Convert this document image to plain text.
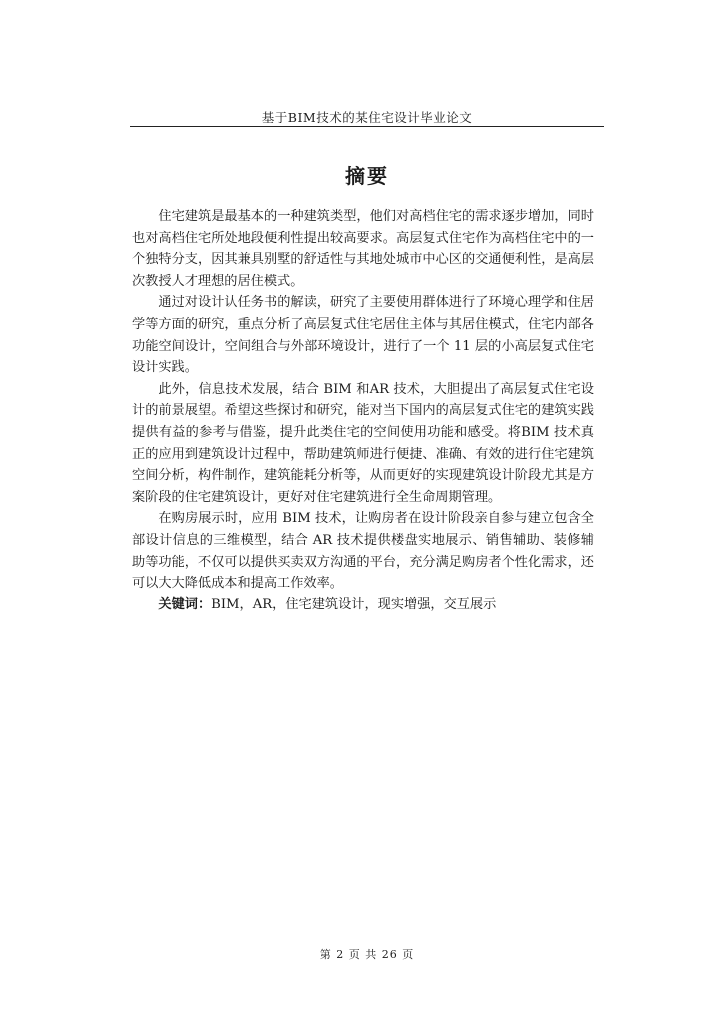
基于BIM技术的某住宅设计毕业论文
摘要

住宅建筑是最基本的一种建筑类型，他们对高档住宅的需求逐步增加，同时也对高档住宅所处地段便利性提出较高要求。高层复式住宅作为高档住宅中的一个独特分支，因其兼具别墅的舒适性与其地处城市中心区的交通便利性，是高层次教授人才理想的居住模式。

通过对设计认任务书的解读，研究了主要使用群体进行了环境心理学和住居学等方面的研究，重点分析了高层复式住宅居住主体与其居住模式，住宅内部各功能空间设计，空间组合与外部环境设计，进行了一个 11 层的小高层复式住宅设计实践。

此外，信息技术发展，结合 BIM 和AR 技术，大胆提出了高层复式住宅设计的前景展望。希望这些探讨和研究，能对当下国内的高层复式住宅的建筑实践提供有益的参考与借鉴，提升此类住宅的空间使用功能和感受。将BIM 技术真正的应用到建筑设计过程中，帮助建筑师进行便捷、准确、有效的进行住宅建筑空间分析，构件制作，建筑能耗分析等，从而更好的实现建筑设计阶段尤其是方案阶段的住宅建筑设计，更好对住宅建筑进行全生命周期管理。

在购房展示时，应用 BIM 技术，让购房者在设计阶段亲自参与建立包含全部设计信息的三维模型，结合 AR 技术提供楼盘实地展示、销售辅助、装修辅助等功能，不仅可以提供买卖双方沟通的平台，充分满足购房者个性化需求，还可以大大降低成本和提高工作效率。

关键词：BIM，AR，住宅建筑设计，现实增强，交互展示
第 2 页 共 26 页
